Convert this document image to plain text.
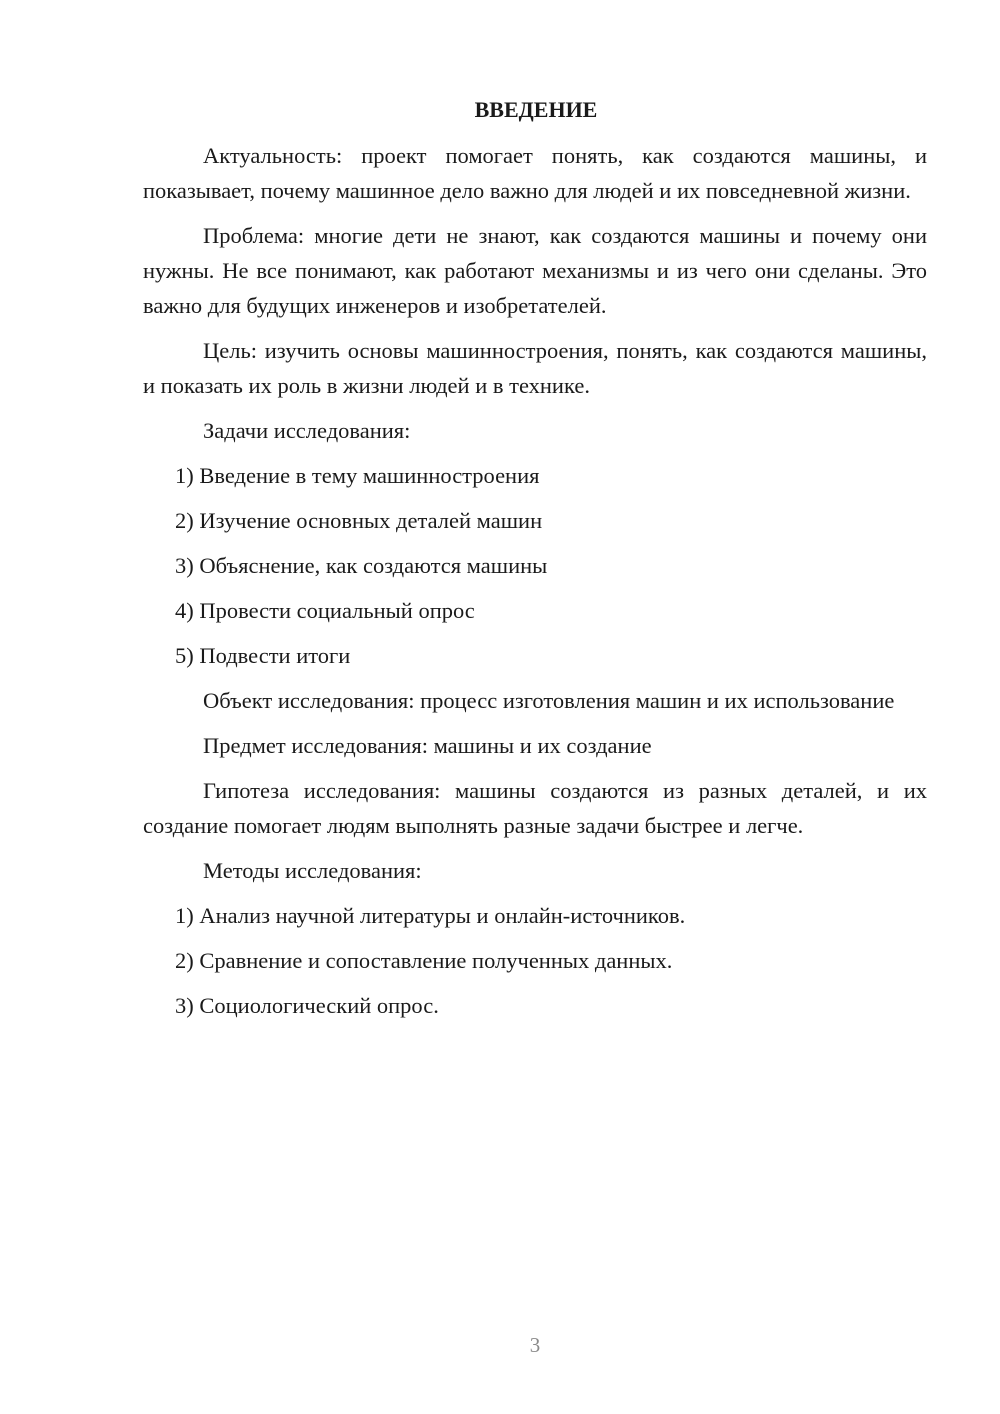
ВВЕДЕНИЕ

Актуальность: проект помогает понять, как создаются машины, и показывает, почему машинное дело важно для людей и их повседневной жизни.

Проблема: многие дети не знают, как создаются машины и почему они нужны. Не все понимают, как работают механизмы и из чего они сделаны. Это важно для будущих инженеров и изобретателей.

Цель: изучить основы машинностроения, понять, как создаются машины, и показать их роль в жизни людей и в технике.

Задачи исследования:

1) Введение в тему машинностроения
2) Изучение основных деталей машин
3) Объяснение, как создаются машины
4) Провести социальный опрос
5) Подвести итоги

Объект исследования: процесс изготовления машин и их использование

Предмет исследования: машины и их создание

Гипотеза исследования: машины создаются из разных деталей, и их создание помогает людям выполнять разные задачи быстрее и легче.

Методы исследования:

1) Анализ научной литературы и онлайн-источников.
2) Сравнение и сопоставление полученных данных.
3) Социологический опрос.
3
